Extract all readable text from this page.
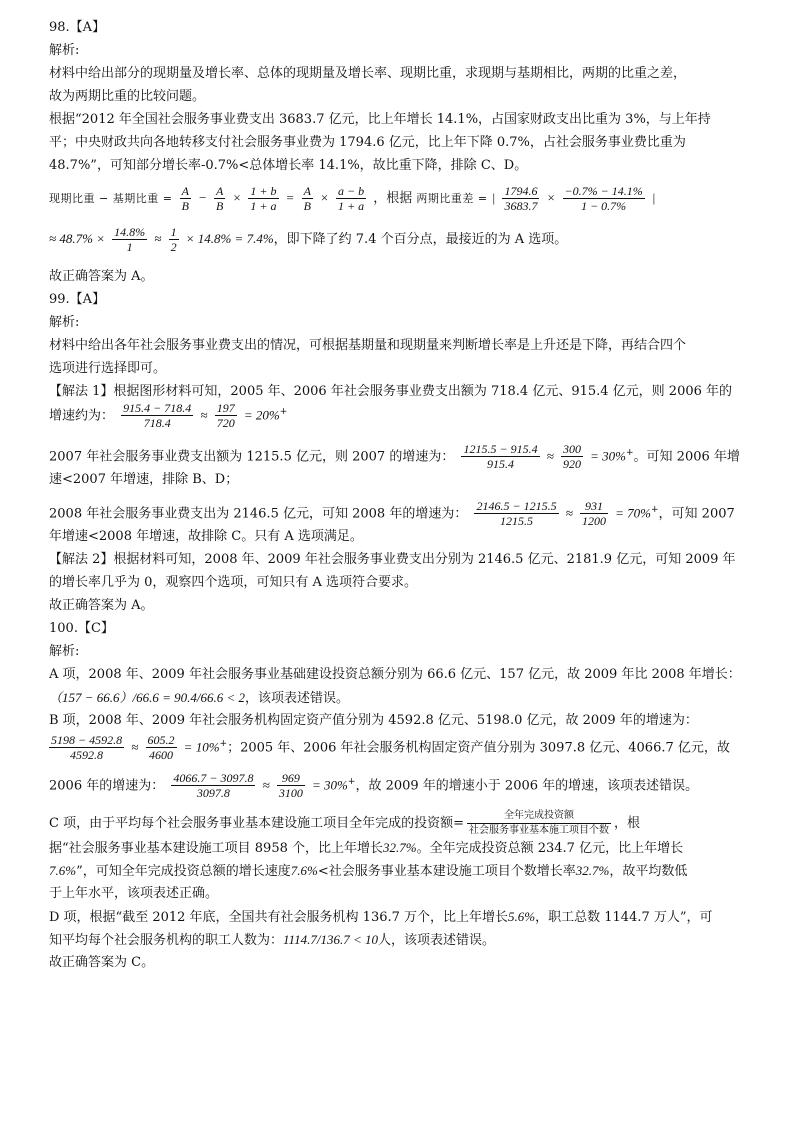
98.【A】
解析:
材料中给出部分的现期量及增长率、总体的现期量及增长率、现期比重，求现期与基期相比，两期的比重之差，
故为两期比重的比较问题。
根据“2012 年全国社会服务事业费支出 3683.7 亿元，比上年增长 14.1%，占国家财政支出比重为 3%，与上年持
平；中央财政共向各地转移支付社会服务事业费为 1794.6 亿元，比上年下降 0.7%，占社会服务事业费比重为
48.7%”，可知部分增长率-0.7%<总体增长率 14.1%，故比重下降，排除 C、D。
现期比重 − 基期比重 = $\frac{A}{B} - \frac{A}{B} \times \frac{1 + b}{1 + a} = \frac{A}{B} \times \frac{a - b}{1 + a}$ ，根据 两期比重差 = | $\frac{1794.6}{3683.7} \times \frac{-0.7\% - 14.1\%}{1 - 0.7\%}$ |
≈ $48.7\% \times \frac{14.8\%}{1} \approx \frac{1}{2} \times 14.8\% = 7.4\%$，即下降了约 7.4 个百分点，最接近的为 A 选项。
故正确答案为 A。
99.【A】
解析:
材料中给出各年社会服务事业费支出的情况，可根据基期量和现期量来判断增长率是上升还是下降，再结合四个
选项进行选择即可。
【解法 1】根据图形材料可知，2005 年、2006 年社会服务事业费支出额为 718.4 亿元、915.4 亿元，则 2006 年的
增速约为： $\frac{915.4 - 718.4}{718.4} \approx \frac{197}{720} = 20\%^+$
2007 年社会服务事业费支出额为 1215.5 亿元，则 2007 的增速为： $\frac{1215.5 - 915.4}{915.4} \approx \frac{300}{920} = 30\%^+$。可知 2006 年增
速<2007 年增速，排除 B、D；
2008 年社会服务事业费支出为 2146.5 亿元，可知 2008 年的增速为： $\frac{2146.5 - 1215.5}{1215.5} \approx \frac{931}{1200} = 70\%^+$，可知 2007
年增速<2008 年增速，故排除 C。只有 A 选项满足。
【解法 2】根据材料可知，2008 年、2009 年社会服务事业费支出分别为 2146.5 亿元、2181.9 亿元，可知 2009 年
的增长率几乎为 0，观察四个选项，可知只有 A 选项符合要求。
故正确答案为 A。
100.【C】
解析:
A 项，2008 年、2009 年社会服务事业基础建设投资总额分别为 66.6 亿元、157 亿元，故 2009 年比 2008 年增长：
（157 − 66.6）/66.6 = 90.4/66.6 < 2，该项表述错误。
B 项，2008 年、2009 年社会服务机构固定资产值分别为 4592.8 亿元、5198.0 亿元，故 2009 年的增速为：
$\frac{5198 - 4592.8}{4592.8} \approx \frac{605.2}{4600} = 10\%^+$；2005 年、2006 年社会服务机构固定资产值分别为 3097.8 亿元、4066.7 亿元，故
2006 年的增速为： $\frac{4066.7 - 3097.8}{3097.8} \approx \frac{969}{3100} = 30\%^+$，故 2009 年的增速小于 2006 年的增速，该项表述错误。
C 项，由于平均每个社会服务事业基本建设施工项目全年完成的投资额= $\frac{\text{全年完成投资额}}{\text{社会服务事业基本施工项目个数}}$ ，根
据“社会服务事业基本建设施工项目 8958 个，比上年增长32.7%。全年完成投资总额 234.7 亿元，比上年增长
7.6%”，可知全年完成投资总额的增长速度7.6%<社会服务事业基本建设施工项目个数增长率32.7%，故平均数低
于上年水平，该项表述正确。
D 项，根据“截至 2012 年底，全国共有社会服务机构 136.7 万个，比上年增长5.6%，职工总数 1144.7 万人”，可
知平均每个社会服务机构的职工人数为：1114.7/136.7 < 10人，该项表述错误。
故正确答案为 C。
